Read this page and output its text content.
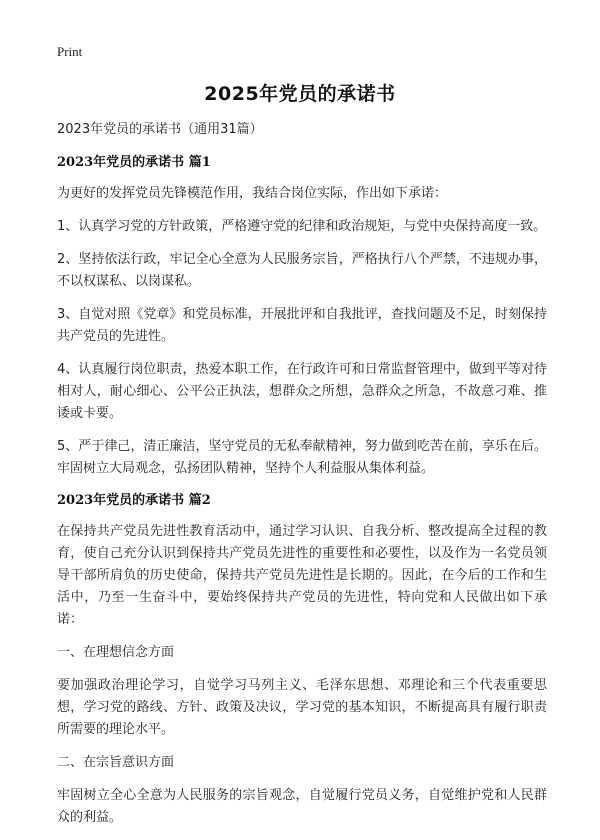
Print
2025年党员的承诺书
2023年党员的承诺书（通用31篇）
2023年党员的承诺书 篇1

为更好的发挥党员先锋模范作用，我结合岗位实际，作出如下承诺：

1、认真学习党的方针政策，严格遵守党的纪律和政治规矩，与党中央保持高度一致。

2、坚持依法行政，牢记全心全意为人民服务宗旨，严格执行八个严禁，不违规办事，不以权谋私、以岗谋私。

3、自觉对照《党章》和党员标准，开展批评和自我批评，查找问题及不足，时刻保持共产党员的先进性。

4、认真履行岗位职责，热爱本职工作，在行政许可和日常监督管理中，做到平等对待相对人，耐心细心、公平公正执法，想群众之所想，急群众之所急，不故意刁难、推诿或卡要。

5、严于律己，清正廉洁，坚守党员的无私奉献精神，努力做到吃苦在前，享乐在后。牢固树立大局观念，弘扬团队精神，坚持个人利益服从集体利益。

2023年党员的承诺书 篇2

在保持共产党员先进性教育活动中，通过学习认识、自我分析、整改提高全过程的教育，使自己充分认识到保持共产党员先进性的重要性和必要性，以及作为一名党员领导干部所肩负的历史使命，保持共产党员先进性是长期的。因此，在今后的工作和生活中，乃至一生奋斗中，要始终保持共产党员的先进性，特向党和人民做出如下承诺：

一、在理想信念方面

要加强政治理论学习，自觉学习马列主义、毛泽东思想、邓理论和三个代表重要思想，学习党的路线、方针、政策及决议，学习党的基本知识，不断提高具有履行职责所需要的理论水平。

二、在宗旨意识方面

牢固树立全心全意为人民服务的宗旨观念，自觉履行党员义务，自觉维护党和人民群众的利益。
